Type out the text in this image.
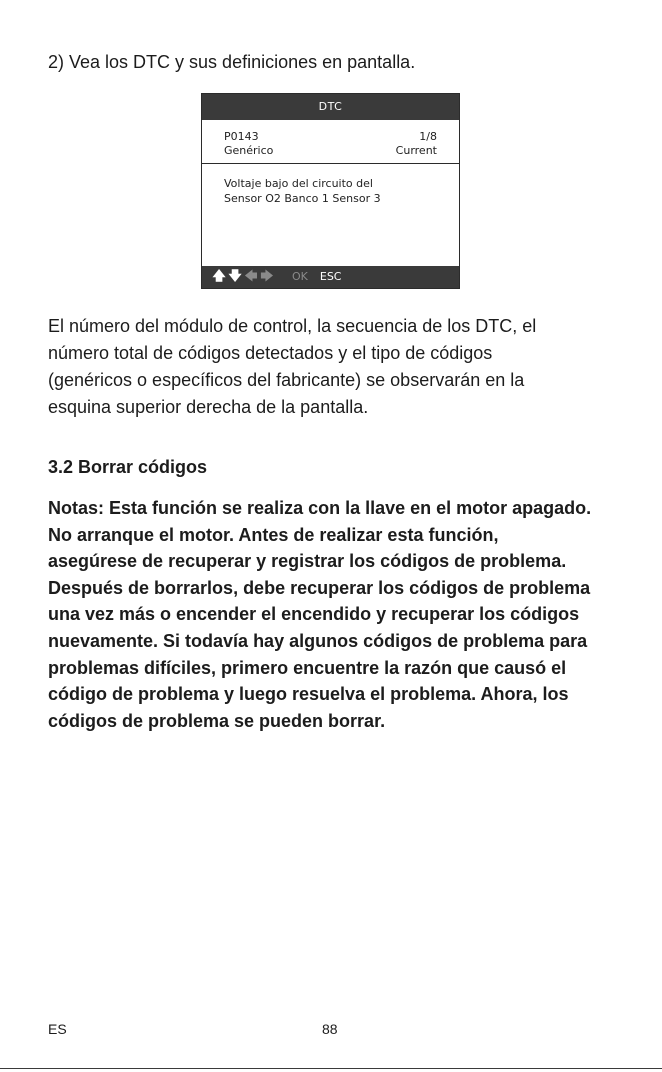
2) Vea los DTC y sus definiciones en pantalla.

DTC
P0143	1/8
Genérico	Current
Voltaje bajo del circuito del
Sensor O2 Banco 1 Sensor 3
🡅 🡇 🡄 🡆 OK ESC

El número del módulo de control, la secuencia de los DTC, el
número total de códigos detectados y el tipo de códigos
(genéricos o específicos del fabricante) se observarán en la
esquina superior derecha de la pantalla.

3.2 Borrar códigos

Notas: Esta función se realiza con la llave en el motor apagado.
No arranque el motor. Antes de realizar esta función,
asegúrese de recuperar y registrar los códigos de problema.
Después de borrarlos, debe recuperar los códigos de problema
una vez más o encender el encendido y recuperar los códigos
nuevamente. Si todavía hay algunos códigos de problema para
problemas difíciles, primero encuentre la razón que causó el
código de problema y luego resuelva el problema. Ahora, los
códigos de problema se pueden borrar.

ES	88
